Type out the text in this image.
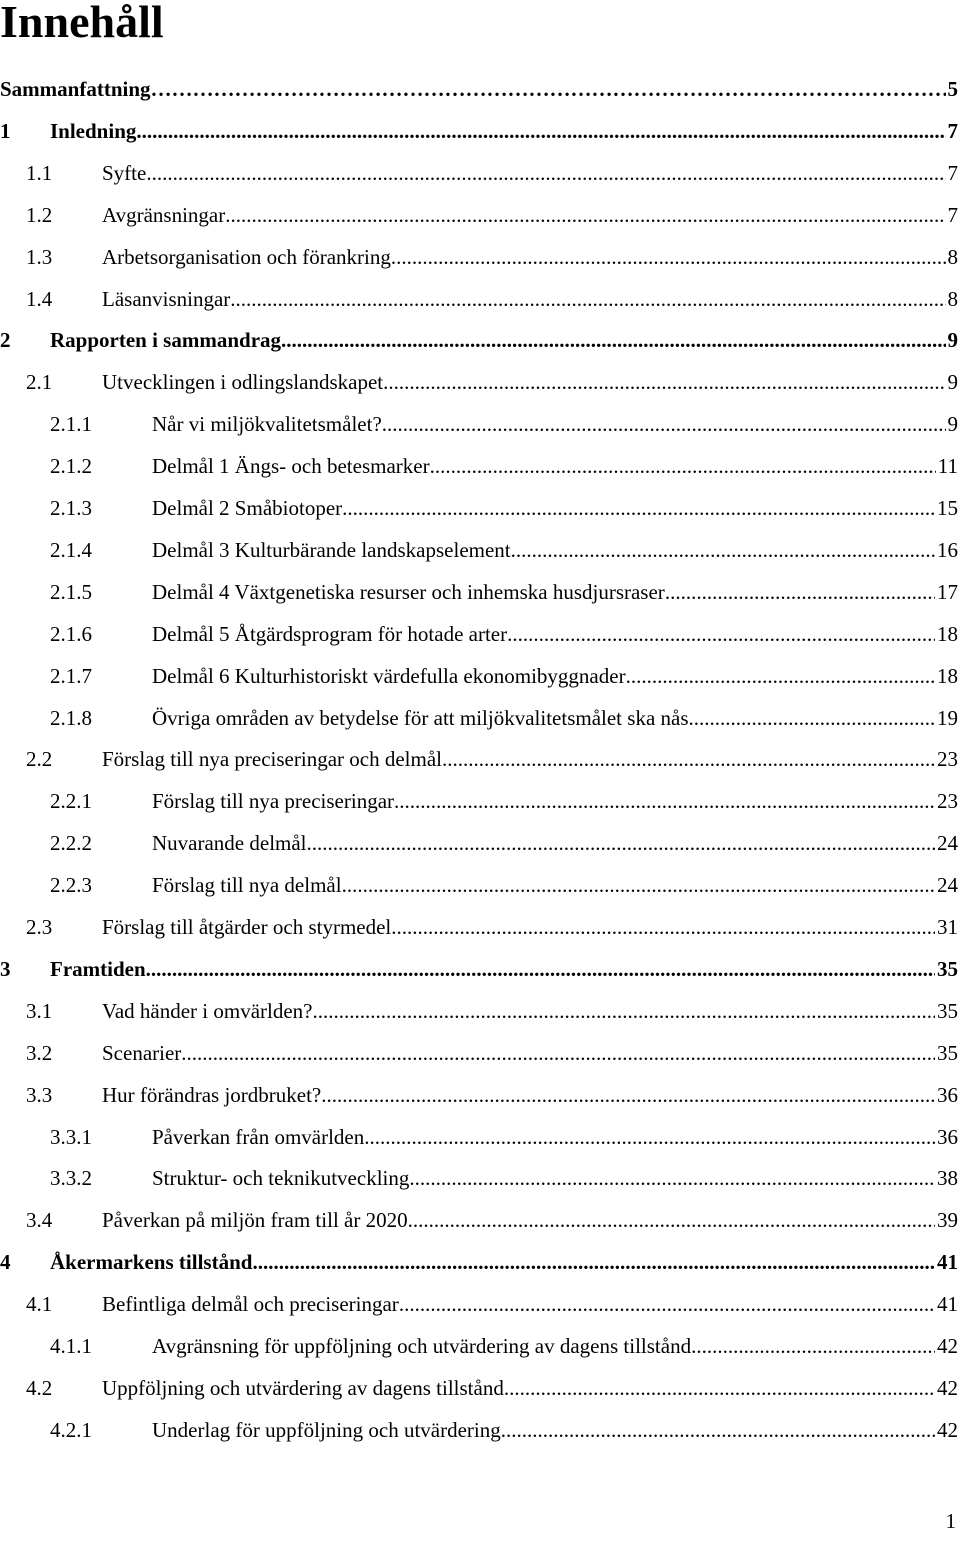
Innehåll
Sammanfattning ……………………………………………………………………………………………………………………………………………………………………………………………………	5
1 Inledning .....	7
1.1 Syfte .....	7
1.2 Avgränsningar .....	7
1.3 Arbetsorganisation och förankring .....	8
1.4 Läsanvisningar .....	8
2 Rapporten i sammandrag .....	9
2.1 Utvecklingen i odlingslandskapet .....	9
2.1.1	Når vi miljökvalitetsmålet? .....	9
2.1.2	Delmål 1 Ängs- och betesmarker .....	11
2.1.3	Delmål 2 Småbiotoper .....	15
2.1.4	Delmål 3 Kulturbärande landskapselement .....	16
2.1.5	Delmål 4 Växtgenetiska resurser och inhemska husdjursraser .....	17
2.1.6	Delmål 5 Åtgärdsprogram för hotade arter .....	18
2.1.7	Delmål 6 Kulturhistoriskt värdefulla ekonomibyggnader .....	18
2.1.8	Övriga områden av betydelse för att miljökvalitetsmålet ska nås .....	19
2.2 Förslag till nya preciseringar och delmål .....	23
2.2.1	Förslag till nya preciseringar .....	23
2.2.2	Nuvarande delmål .....	24
2.2.3	Förslag till nya delmål .....	24
2.3 Förslag till åtgärder och styrmedel .....	31
3 Framtiden .....	35
3.1 Vad händer i omvärlden? .....	35
3.2 Scenarier .....	35
3.3 Hur förändras jordbruket? .....	36
3.3.1	Påverkan från omvärlden .....	36
3.3.2	Struktur- och teknikutveckling .....	38
3.4 Påverkan på miljön fram till år 2020 .....	39
4 Åkermarkens tillstånd .....	41
4.1 Befintliga delmål och preciseringar .....	41
4.1.1	Avgränsning för uppföljning och utvärdering av dagens tillstånd .....	42
4.2 Uppföljning och utvärdering av dagens tillstånd .....	42
4.2.1	Underlag för uppföljning och utvärdering .....	42
1
